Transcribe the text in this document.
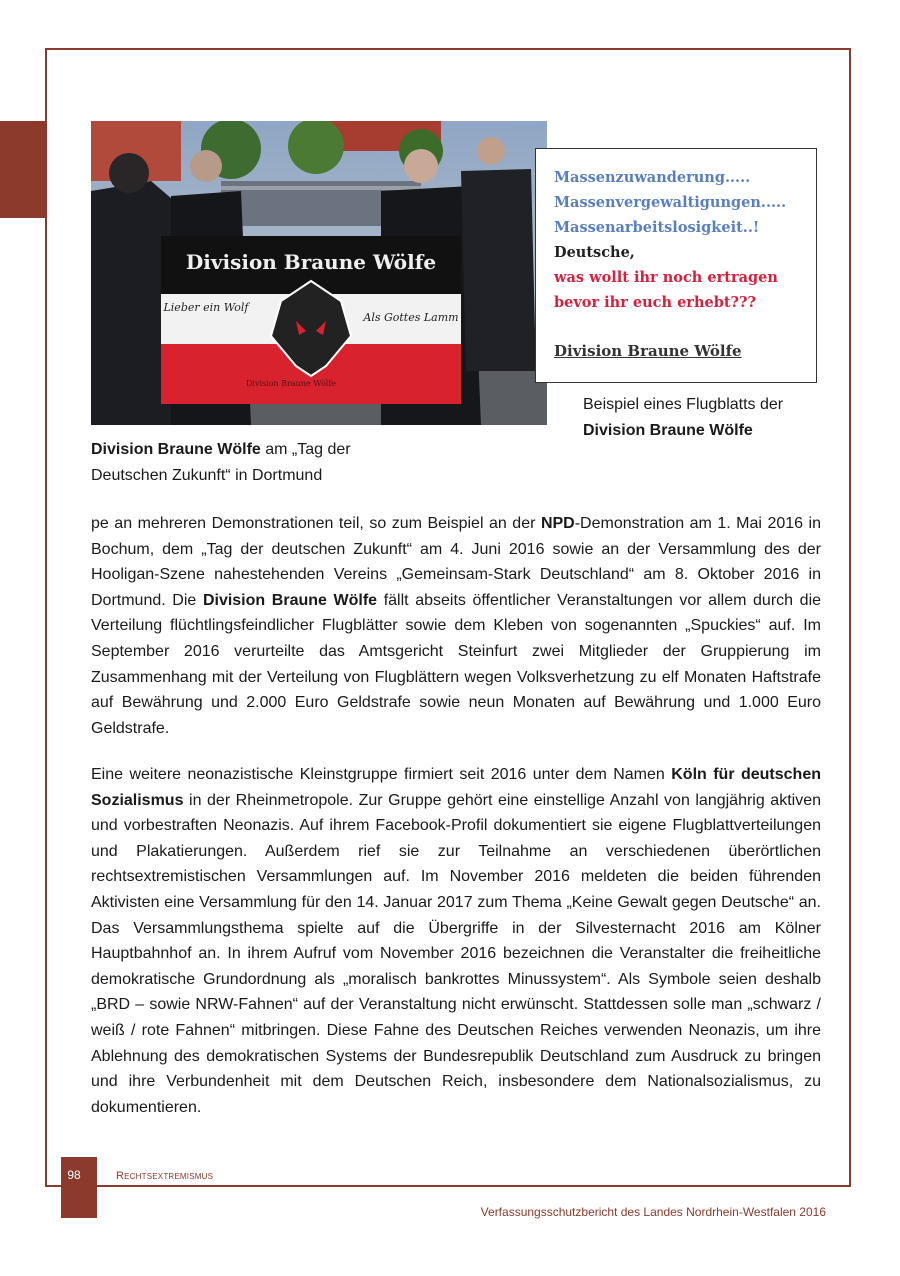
Division Braune Wölfe
Lieber ein Wolf
Als Gottes Lamm
Division Braune Wölfe
Massenzuwanderung.....
Massenvergewaltigungen.....
Massenarbeitslosigkeit..!
Deutsche,
was wollt ihr noch ertragen
bevor ihr euch erhebt???
Division Braune Wölfe
Beispiel eines Flugblatts der
Division Braune Wölfe
Division Braune Wölfe am „Tag der Deutschen Zukunft“ in Dortmund
pe an mehreren Demonstrationen teil, so zum Beispiel an der NPD-Demonstration am 1. Mai 2016 in Bochum, dem „Tag der deutschen Zukunft“ am 4. Juni 2016 sowie an der Versammlung des der Hooligan-Szene nahestehenden Vereins „Gemeinsam-Stark Deutschland“ am 8. Oktober 2016 in Dortmund. Die Division Braune Wölfe fällt abseits öffentlicher Veranstaltungen vor allem durch die Verteilung flüchtlingsfeindlicher Flugblätter sowie dem Kleben von sogenannten „Spuckies“ auf. Im September 2016 verurteilte das Amtsgericht Steinfurt zwei Mitglieder der Gruppierung im Zusammenhang mit der Verteilung von Flugblättern wegen Volksverhetzung zu elf Monaten Haftstrafe auf Bewährung und 2.000 Euro Geldstrafe sowie neun Monaten auf Bewährung und 1.000 Euro Geldstrafe.
Eine weitere neonazistische Kleinstgruppe firmiert seit 2016 unter dem Namen Köln für deutschen Sozialismus in der Rheinmetropole. Zur Gruppe gehört eine einstellige Anzahl von langjährig aktiven und vorbestraften Neonazis. Auf ihrem Facebook-Profil dokumentiert sie eigene Flugblattverteilungen und Plakatierungen. Außerdem rief sie zur Teilnahme an verschiedenen überörtlichen rechtsextremistischen Versammlungen auf. Im November 2016 meldeten die beiden führenden Aktivisten eine Versammlung für den 14. Januar 2017 zum Thema „Keine Gewalt gegen Deutsche“ an. Das Versammlungsthema spielte auf die Übergriffe in der Silvesternacht 2016 am Kölner Hauptbahnhof an. In ihrem Aufruf vom November 2016 bezeichnen die Veranstalter die freiheitliche demokratische Grundordnung als „moralisch bankrottes Minussystem“. Als Symbole seien deshalb „BRD – sowie NRW-Fahnen“ auf der Veranstaltung nicht erwünscht. Stattdessen solle man „schwarz / weiß / rote Fahnen“ mitbringen. Diese Fahne des Deutschen Reiches verwenden Neonazis, um ihre Ablehnung des demokratischen Systems der Bundesrepublik Deutschland zum Ausdruck zu bringen und ihre Verbundenheit mit dem Deutschen Reich, insbesondere dem Nationalsozialismus, zu dokumentieren.
98	Rechtsextremismus
Verfassungsschutzbericht des Landes Nordrhein-Westfalen 2016
